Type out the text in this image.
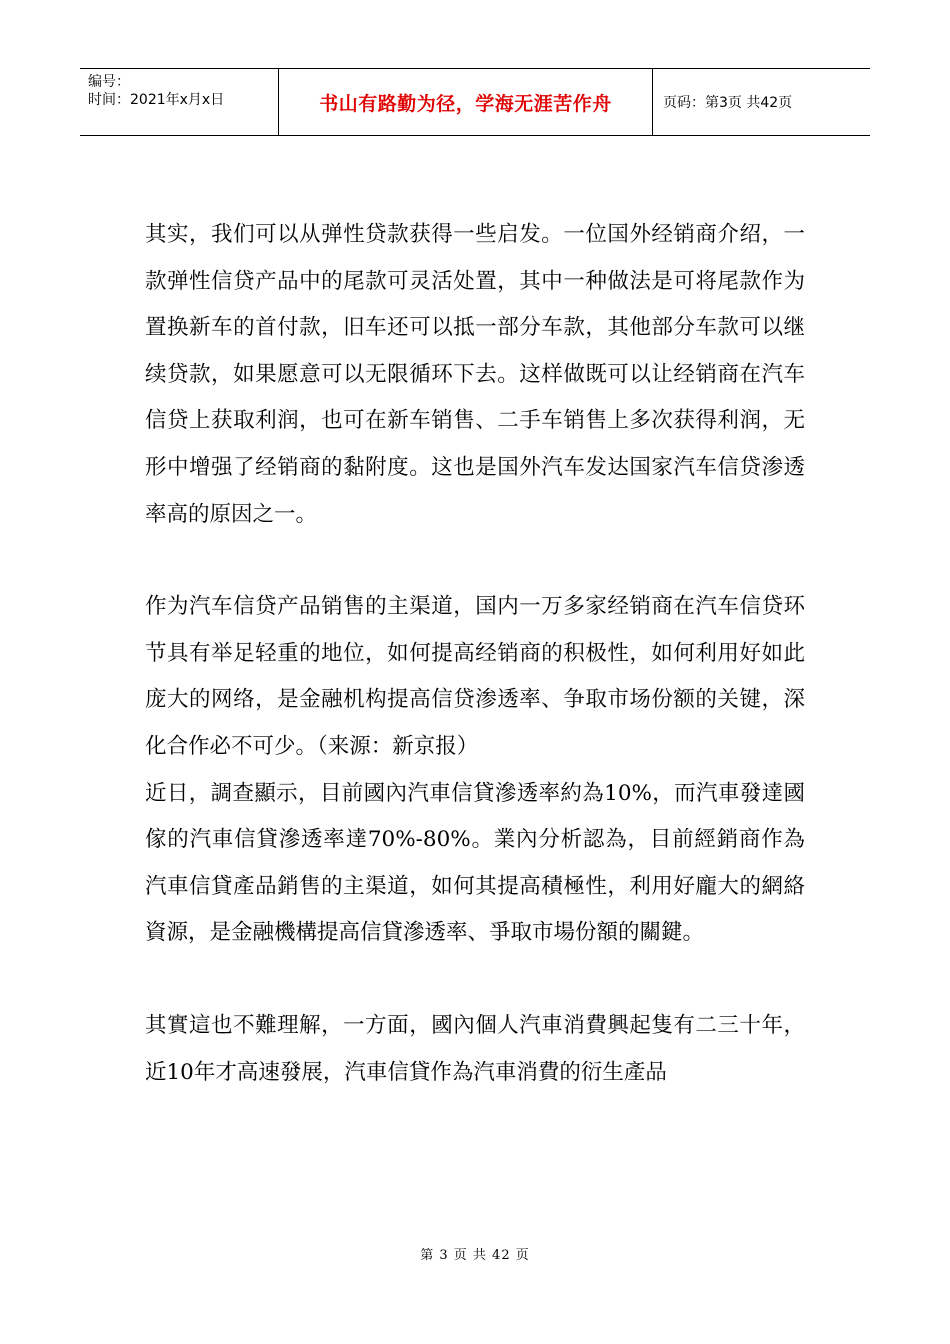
编号：
时间：2021年x月x日	书山有路勤为径，学海无涯苦作舟	页码：第3页 共42页

其实，我们可以从弹性贷款获得一些启发。一位国外经销商介绍，一款弹性信贷产品中的尾款可灵活处置，其中一种做法是可将尾款作为置换新车的首付款，旧车还可以抵一部分车款，其他部分车款可以继续贷款，如果愿意可以无限循环下去。这样做既可以让经销商在汽车信贷上获取利润，也可在新车销售、二手车销售上多次获得利润，无形中增强了经销商的黏附度。这也是国外汽车发达国家汽车信贷渗透率高的原因之一。

作为汽车信贷产品销售的主渠道，国内一万多家经销商在汽车信贷环节具有举足轻重的地位，如何提高经销商的积极性，如何利用好如此庞大的网络，是金融机构提高信贷渗透率、争取市场份额的关键，深化合作必不可少。（来源：新京报）

近日，調查顯示，目前國內汽車信貸滲透率約為10%，而汽車發達國傢的汽車信貸滲透率達70%-80%。業內分析認為，目前經銷商作為汽車信貸產品銷售的主渠道，如何其提高積極性，利用好龐大的網絡資源，是金融機構提高信貸滲透率、爭取市場份額的關鍵。

其實這也不難理解，一方面，國內個人汽車消費興起隻有二三十年，近10年才高速發展，汽車信貸作為汽車消費的衍生產品

第 3 页 共 42 页
